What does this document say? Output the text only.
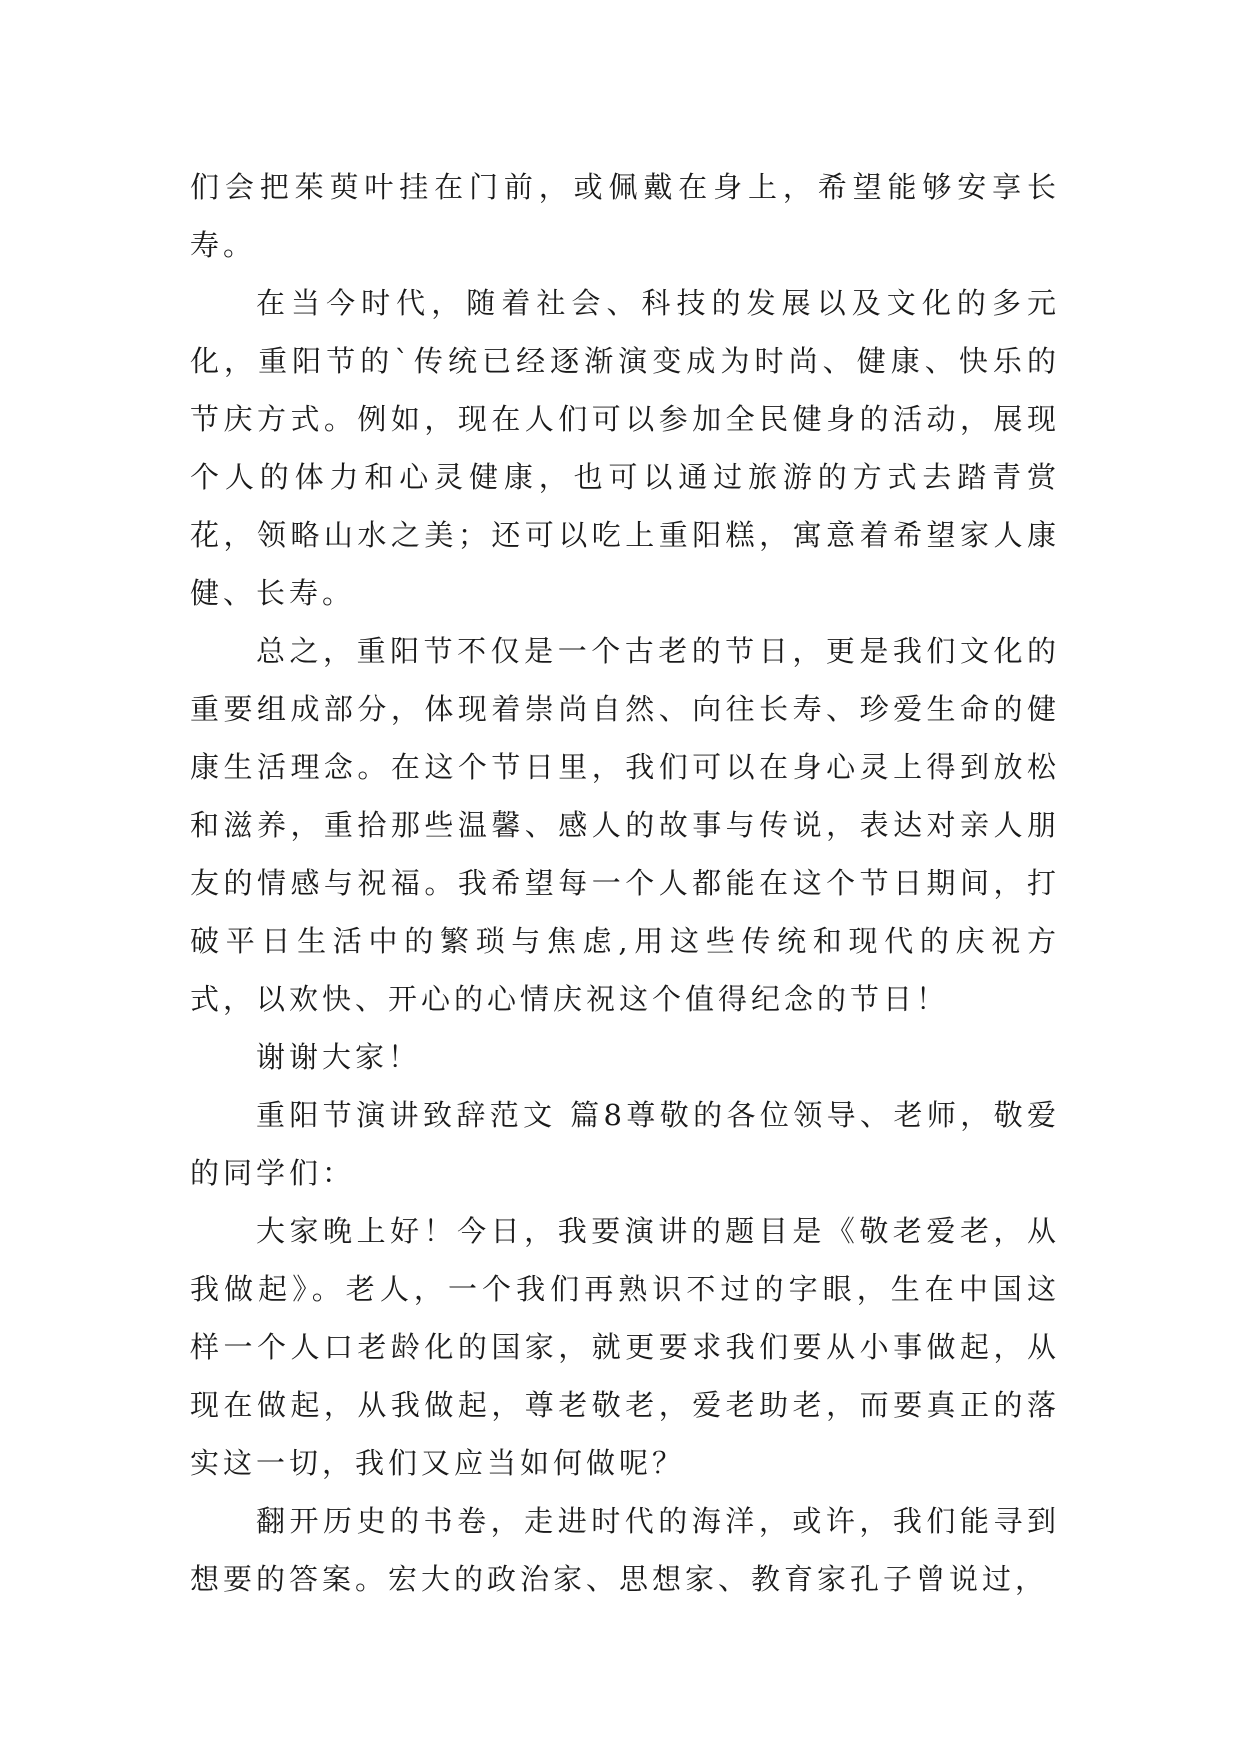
们会把茱萸叶挂在门前，或佩戴在身上，希望能够安享长寿。

在当今时代，随着社会、科技的发展以及文化的多元化，重阳节的`传统已经逐渐演变成为时尚、健康、快乐的节庆方式。例如，现在人们可以参加全民健身的活动，展现个人的体力和心灵健康，也可以通过旅游的方式去踏青赏花，领略山水之美；还可以吃上重阳糕，寓意着希望家人康健、长寿。

总之，重阳节不仅是一个古老的节日，更是我们文化的重要组成部分，体现着崇尚自然、向往长寿、珍爱生命的健康生活理念。在这个节日里，我们可以在身心灵上得到放松和滋养，重拾那些温馨、感人的故事与传说，表达对亲人朋友的情感与祝福。我希望每一个人都能在这个节日期间，打破平日生活中的繁琐与焦虑,用这些传统和现代的庆祝方式，以欢快、开心的心情庆祝这个值得纪念的节日！

谢谢大家！

重阳节演讲致辞范文 篇8尊敬的各位领导、老师，敬爱的同学们：

大家晚上好！今日，我要演讲的题目是《敬老爱老，从我做起》。老人，一个我们再熟识不过的字眼，生在中国这样一个人口老龄化的国家，就更要求我们要从小事做起，从现在做起，从我做起，尊老敬老，爱老助老，而要真正的落实这一切，我们又应当如何做呢？

翻开历史的书卷，走进时代的海洋，或许，我们能寻到想要的答案。宏大的政治家、思想家、教育家孔子曾说过，
